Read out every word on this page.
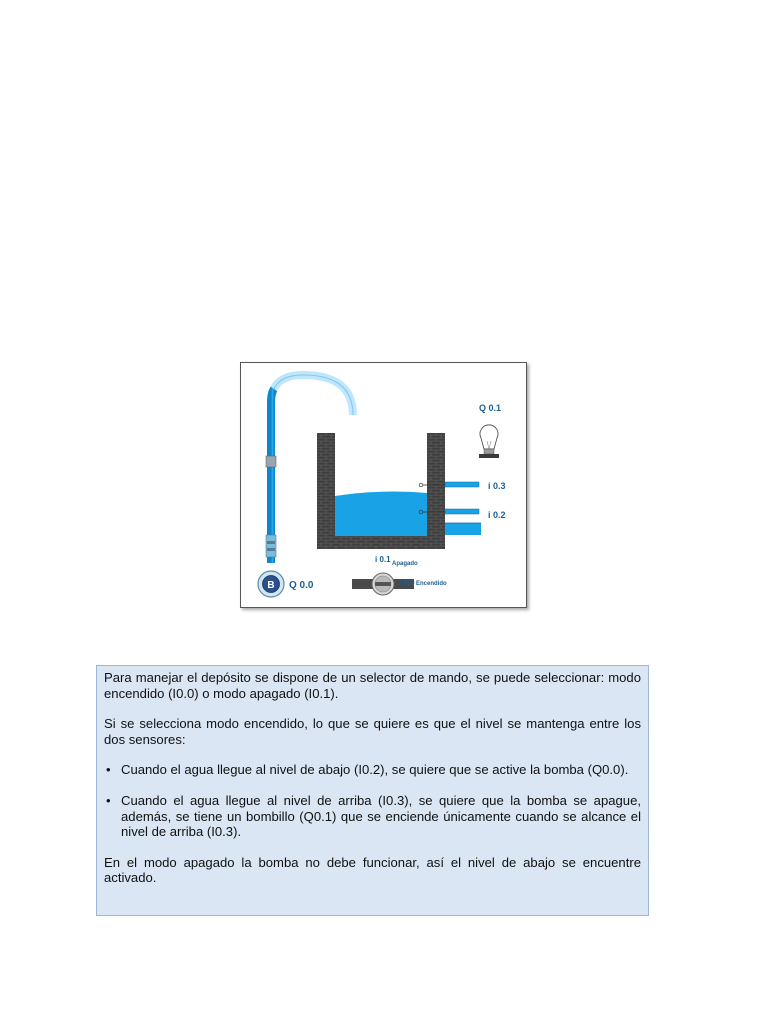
B Q 0.0
i 0.3
i 0.2
Q 0.1
i 0.1 Apagado
i 0.0 Encendido

Para manejar el depósito se dispone de un selector de mando, se puede seleccionar: modo encendido (I0.0) o modo apagado (I0.1).

Si se selecciona modo encendido, lo que se quiere es que el nivel se mantenga entre los dos sensores:

• Cuando el agua llegue al nivel de abajo (I0.2), se quiere que se active la bomba (Q0.0).
• Cuando el agua llegue al nivel de arriba (I0.3), se quiere que la bomba se apague, además, se tiene un bombillo (Q0.1) que se enciende únicamente cuando se alcance el nivel de arriba (I0.3).

En el modo apagado la bomba no debe funcionar, así el nivel de abajo se encuentre activado.
